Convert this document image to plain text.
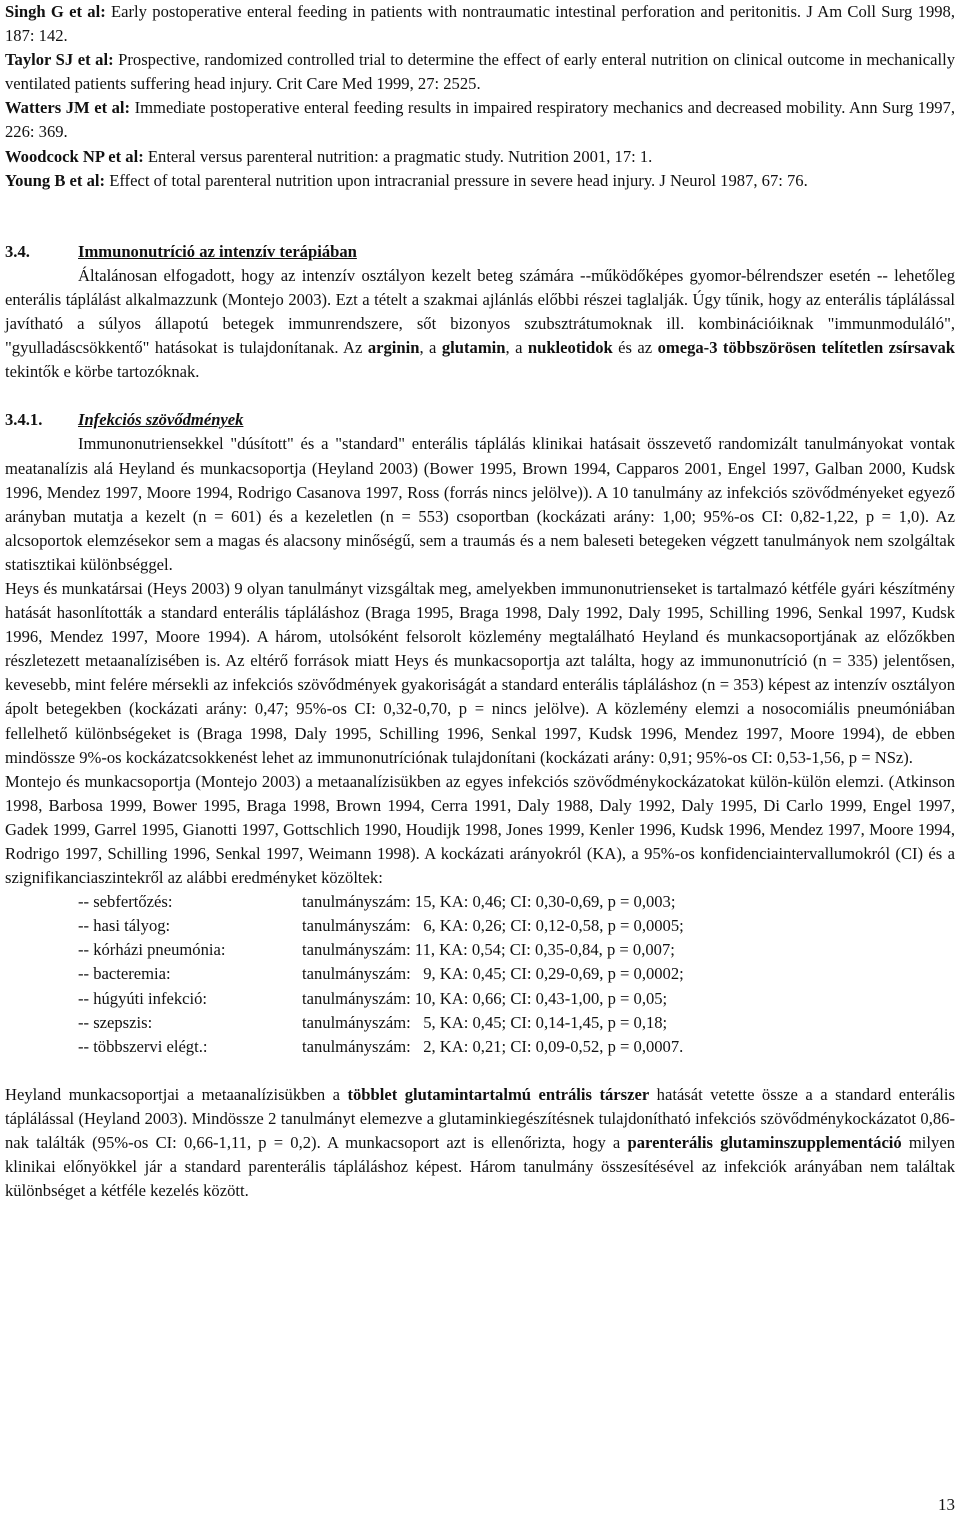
Singh G et al: Early postoperative enteral feeding in patients with nontraumatic intestinal perforation and peritonitis. J Am Coll Surg 1998, 187: 142.

Taylor SJ et al: Prospective, randomized controlled trial to determine the effect of early enteral nutrition on clinical outcome in mechanically ventilated patients suffering head injury. Crit Care Med 1999, 27: 2525.

Watters JM et al: Immediate postoperative enteral feeding results in impaired respiratory mechanics and decreased mobility. Ann Surg 1997, 226: 369.

Woodcock NP et al: Enteral versus parenteral nutrition: a pragmatic study. Nutrition 2001, 17: 1.

Young B et al: Effect of total parenteral nutrition upon intracranial pressure in severe head injury. J Neurol 1987, 67: 76.

3.4.	Immunonutríció az intenzív terápiában

Általánosan elfogadott, hogy az intenzív osztályon kezelt beteg számára --működőképes gyomor-bélrendszer esetén -- lehetőleg enterális táplálást alkalmazzunk (Montejo 2003). Ezt a tételt a szakmai ajlánlás előbbi részei taglalják. Úgy tűnik, hogy az enterális táplálással javítható a súlyos állapotú betegek immunrendszere, sőt bizonyos szubsztrátumoknak ill. kombinációiknak "immunmoduláló", "gyulladáscsökkentő" hatásokat is tulajdonítanak. Az arginin, a glutamin, a nukleotidok és az omega-3 többszörösen telítetlen zsírsavak tekintők e körbe tartozóknak.

3.4.1. Infekciós szövődmények

Immunonutriensekkel "dúsított" és a "standard" enterális táplálás klinikai hatásait összevető randomizált tanulmányokat vontak meatanalízis alá Heyland és munkacsoportja (Heyland 2003) (Bower 1995, Brown 1994, Capparos 2001, Engel 1997, Galban 2000, Kudsk 1996, Mendez 1997, Moore 1994, Rodrigo Casanova 1997, Ross (forrás nincs jelölve)). A 10 tanulmány az infekciós szövődményeket egyező arányban mutatja a kezelt (n = 601) és a kezeletlen (n = 553) csoportban (kockázati arány: 1,00; 95%-os CI: 0,82-1,22, p = 1,0). Az alcsoportok elemzésekor sem a magas és alacsony minőségű, sem a traumás és a nem baleseti betegeken végzett tanulmányok nem szolgáltak statisztikai különbséggel.

Heys és munkatársai (Heys 2003) 9 olyan tanulmányt vizsgáltak meg, amelyekben immunonutrienseket is tartalmazó kétféle gyári készítmény hatását hasonlították a standard enterális tápláláshoz (Braga 1995, Braga 1998, Daly 1992, Daly 1995, Schilling 1996, Senkal 1997, Kudsk 1996, Mendez 1997, Moore 1994). A három, utolsóként felsorolt közlemény megtalálható Heyland és munkacsoportjának az előzőkben részletezett metaanalízisében is. Az eltérő források miatt Heys és munkacsoportja azt találta, hogy az immunonutríció (n = 335) jelentősen, kevesebb, mint felére mérsekli az infekciós szövődmények gyakoriságát a standard enterális tápláláshoz (n = 353) képest az intenzív osztályon ápolt betegekben (kockázati arány: 0,47; 95%-os CI: 0,32-0,70, p = nincs jelölve). A közlemény elemzi a nosocomiális pneumóniában fellelhető különbségeket is (Braga 1998, Daly 1995, Schilling 1996, Senkal 1997, Kudsk 1996, Mendez 1997, Moore 1994), de ebben mindössze 9%-os kockázatcsokkenést lehet az immunonutríciónak tulajdonítani (kockázati arány: 0,91; 95%-os CI: 0,53-1,56, p = NSz).

Montejo és munkacsoportja (Montejo 2003) a metaanalízisükben az egyes infekciós szövődménykockázatokat külön-külön elemzi. (Atkinson 1998, Barbosa 1999, Bower 1995, Braga 1998, Brown 1994, Cerra 1991, Daly 1988, Daly 1992, Daly 1995, Di Carlo 1999, Engel 1997, Gadek 1999, Garrel 1995, Gianotti 1997, Gottschlich 1990, Houdijk 1998, Jones 1999, Kenler 1996, Kudsk 1996, Mendez 1997, Moore 1994, Rodrigo 1997, Schilling 1996, Senkal 1997, Weimann 1998). A kockázati arányokról (KA), a 95%-os konfidenciaintervallumokról (CI) és a szignifikanciaszintekről az alábbi eredményket közöltek:

-- sebfertőzés:	tanulmányszám: 15, KA: 0,46; CI: 0,30-0,69, p = 0,003;
-- hasi tályog:	tanulmányszám:   6, KA: 0,26; CI: 0,12-0,58, p = 0,0005;
-- kórházi pneumónia:	tanulmányszám: 11, KA: 0,54; CI: 0,35-0,84, p = 0,007;
-- bacteremia:	tanulmányszám:   9, KA: 0,45; CI: 0,29-0,69, p = 0,0002;
-- húgyúti infekció:	tanulmányszám: 10, KA: 0,66; CI: 0,43-1,00, p = 0,05;
-- szepszis:	tanulmányszám:   5, KA: 0,45; CI: 0,14-1,45, p = 0,18;
-- többszervi elégt.:	tanulmányszám:   2, KA: 0,21; CI: 0,09-0,52, p = 0,0007.

Heyland munkacsoportjai a metaanalízisükben a többlet glutamintartalmú entrális társzer hatását vetette össze a a standard enterális táplálással (Heyland 2003). Mindössze 2 tanulmányt elemezve a glutaminkiegészítésnek tulajdonítható infekciós szövődménykockázatot 0,86-nak találták (95%-os CI: 0,66-1,11, p = 0,2). A munkacsoport azt is ellenőrizta, hogy a parenterális glutaminszupplementáció milyen klinikai előnyökkel jár a standard parenterális tápláláshoz képest. Három tanulmány összesítésével az infekciók arányában nem találtak különbséget a kétféle kezelés között.

13
